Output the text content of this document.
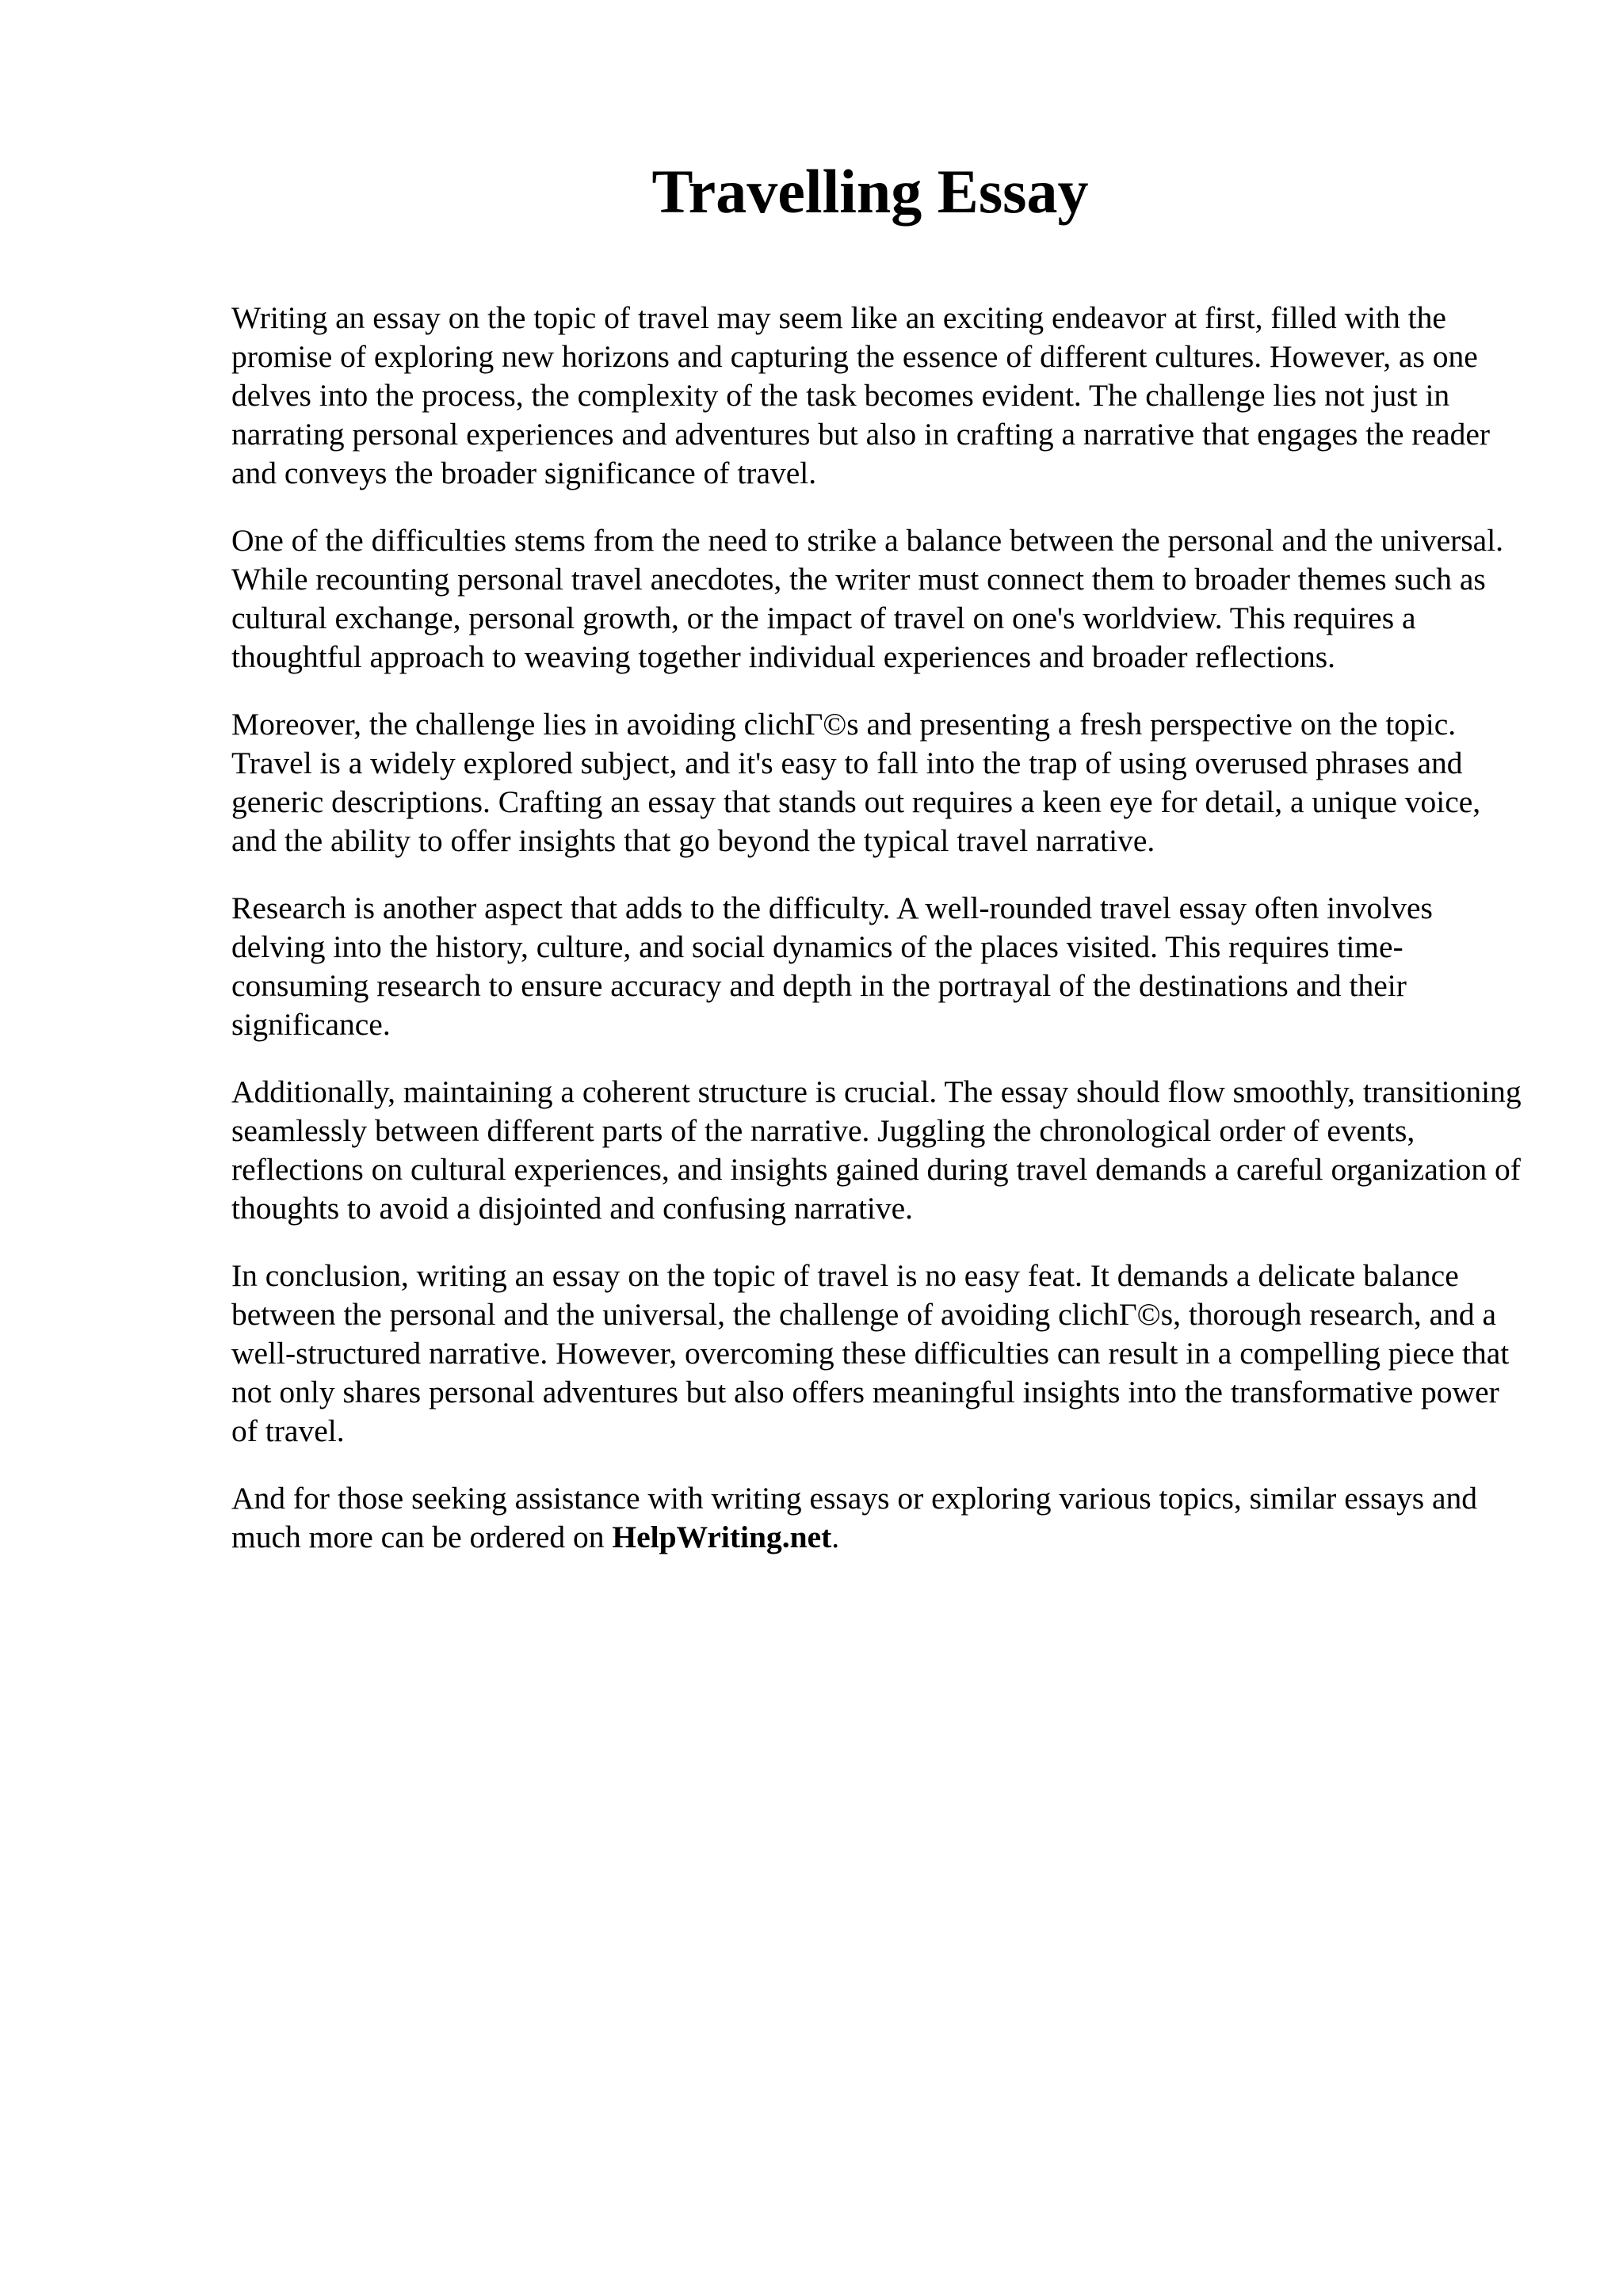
Travelling Essay

Writing an essay on the topic of travel may seem like an exciting endeavor at first, filled with the promise of exploring new horizons and capturing the essence of different cultures. However, as one delves into the process, the complexity of the task becomes evident. The challenge lies not just in narrating personal experiences and adventures but also in crafting a narrative that engages the reader and conveys the broader significance of travel.

One of the difficulties stems from the need to strike a balance between the personal and the universal. While recounting personal travel anecdotes, the writer must connect them to broader themes such as cultural exchange, personal growth, or the impact of travel on one's worldview. This requires a thoughtful approach to weaving together individual experiences and broader reflections.

Moreover, the challenge lies in avoiding clichΓ©s and presenting a fresh perspective on the topic. Travel is a widely explored subject, and it's easy to fall into the trap of using overused phrases and generic descriptions. Crafting an essay that stands out requires a keen eye for detail, a unique voice, and the ability to offer insights that go beyond the typical travel narrative.

Research is another aspect that adds to the difficulty. A well-rounded travel essay often involves delving into the history, culture, and social dynamics of the places visited. This requires time-consuming research to ensure accuracy and depth in the portrayal of the destinations and their significance.

Additionally, maintaining a coherent structure is crucial. The essay should flow smoothly, transitioning seamlessly between different parts of the narrative. Juggling the chronological order of events, reflections on cultural experiences, and insights gained during travel demands a careful organization of thoughts to avoid a disjointed and confusing narrative.

In conclusion, writing an essay on the topic of travel is no easy feat. It demands a delicate balance between the personal and the universal, the challenge of avoiding clichΓ©s, thorough research, and a well-structured narrative. However, overcoming these difficulties can result in a compelling piece that not only shares personal adventures but also offers meaningful insights into the transformative power of travel.

And for those seeking assistance with writing essays or exploring various topics, similar essays and much more can be ordered on HelpWriting.net.
